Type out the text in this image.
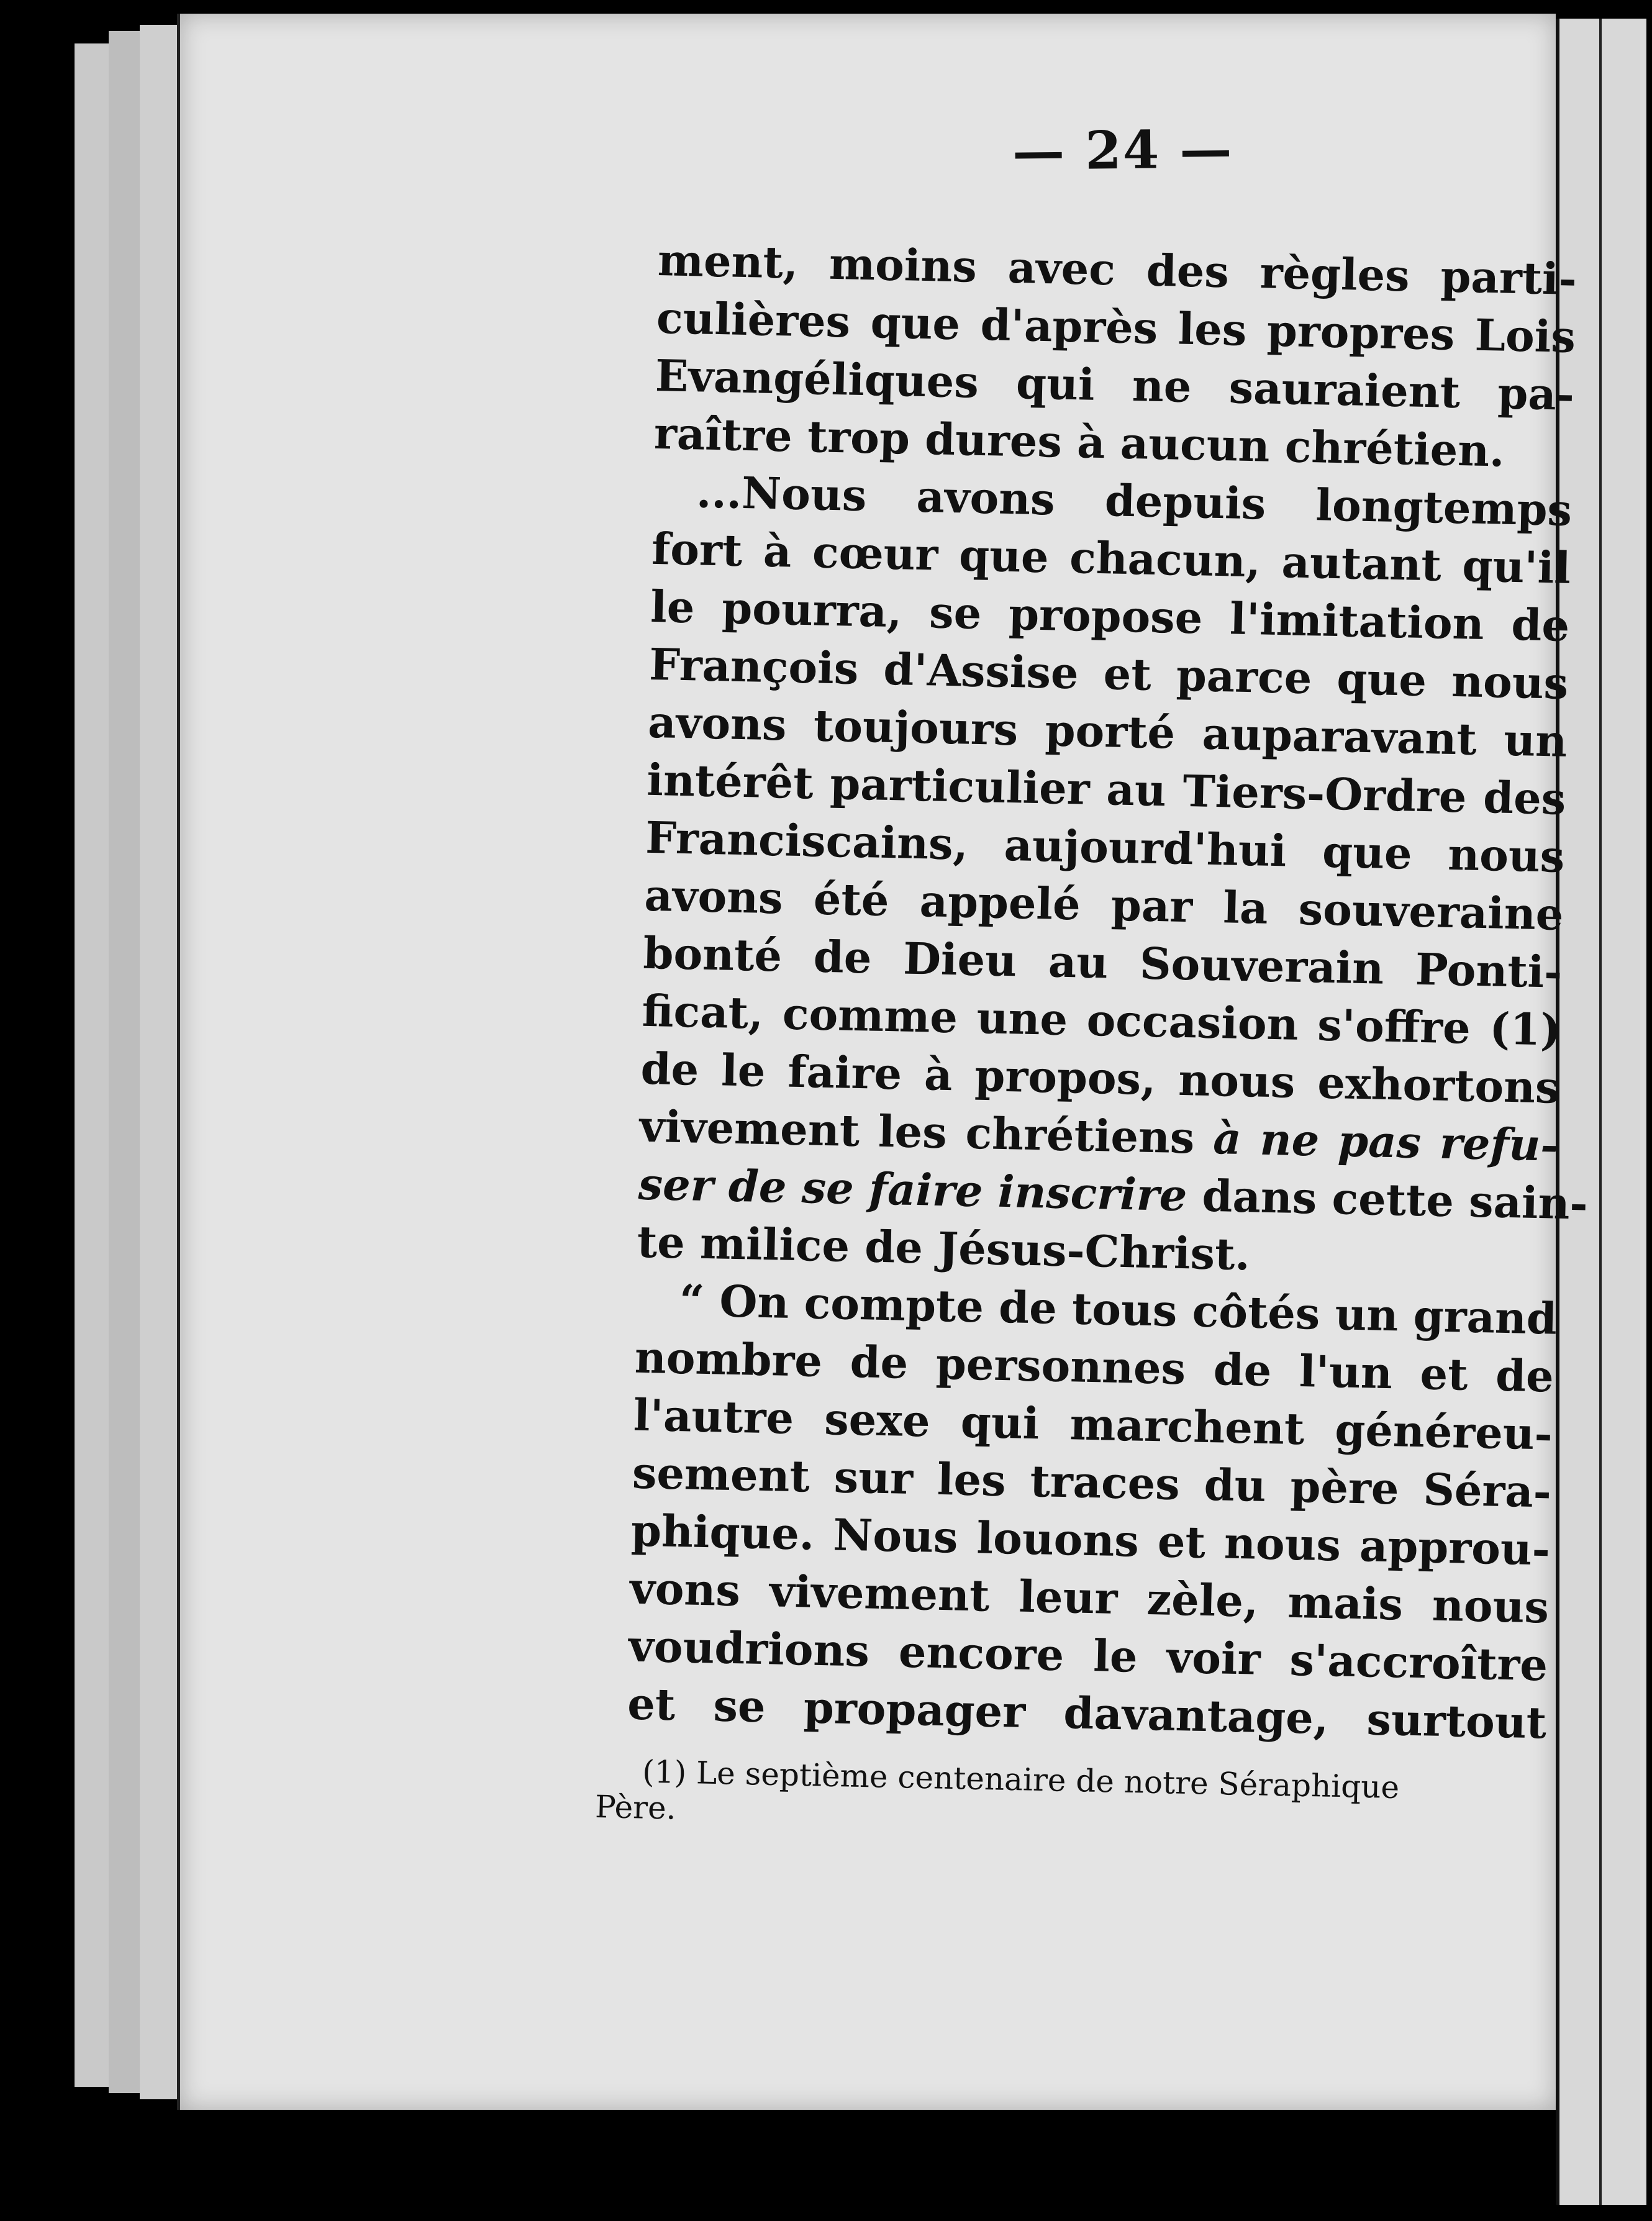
— 24 —
ment, moins avec des règles parti-
culières que d'après les propres Lois
Evangéliques qui ne sauraient pa-
raître trop dures à aucun chrétien.
...Nous avons depuis longtemps
fort à cœur que chacun, autant qu'il
le pourra, se propose l'imitation de
François d'Assise et parce que nous
avons toujours porté auparavant un
intérêt particulier au Tiers-Ordre des
Franciscains, aujourd'hui que nous
avons été appelé par la souveraine
bonté de Dieu au Souverain Ponti-
ficat, comme une occasion s'offre (1)
de le faire à propos, nous exhortons
vivement les chrétiens à ne pas refu-
ser de se faire inscrire dans cette sain-
te milice de Jésus-Christ.
“ On compte de tous côtés un grand
nombre de personnes de l'un et de
l'autre sexe qui marchent généreu-
sement sur les traces du père Séra-
phique. Nous louons et nous approu-
vons vivement leur zèle, mais nous
voudrions encore le voir s'accroître
et se propager davantage, surtout
(1) Le septième centenaire de notre Séraphique
Père.
